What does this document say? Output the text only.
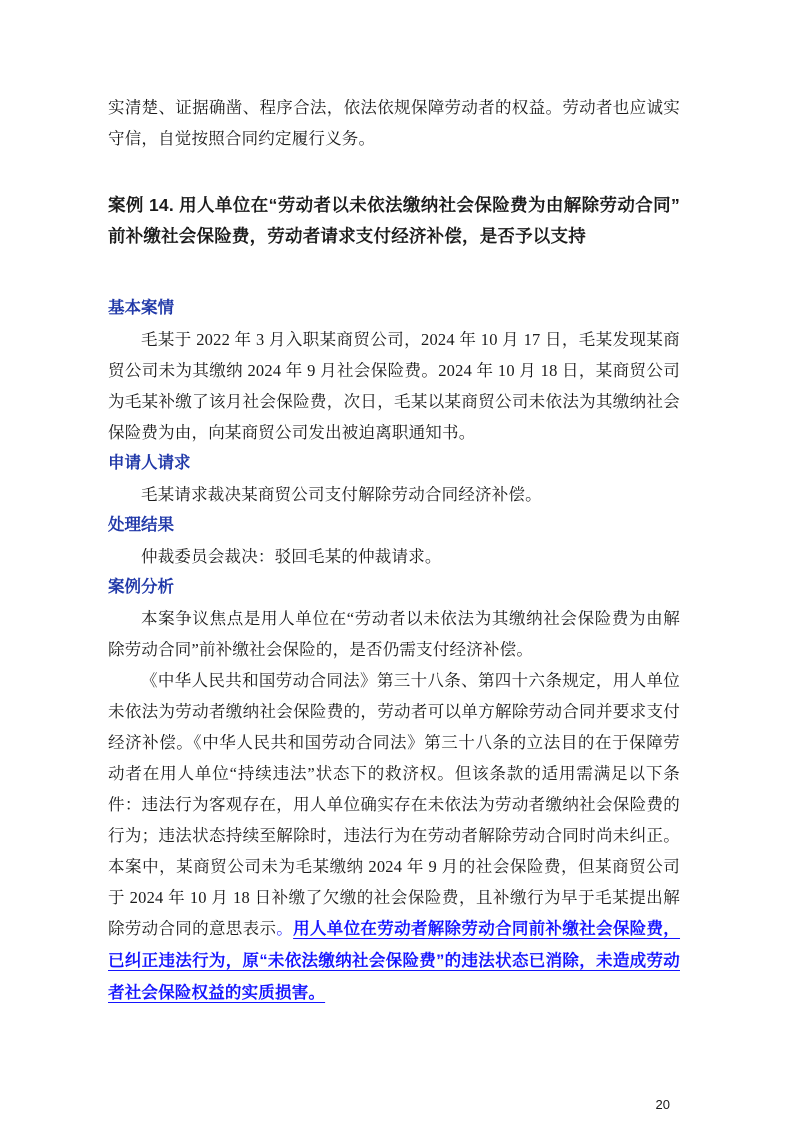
实清楚、证据确凿、程序合法，依法依规保障劳动者的权益。劳动者也应诚实守信，自觉按照合同约定履行义务。

案例 14. 用人单位在“劳动者以未依法缴纳社会保险费为由解除劳动合同”前补缴社会保险费，劳动者请求支付经济补偿，是否予以支持
基本案情

毛某于 2022 年 3 月入职某商贸公司，2024 年 10 月 17 日，毛某发现某商贸公司未为其缴纳 2024 年 9 月社会保险费。2024 年 10 月 18 日，某商贸公司为毛某补缴了该月社会保险费，次日，毛某以某商贸公司未依法为其缴纳社会保险费为由，向某商贸公司发出被迫离职通知书。

申请人请求

毛某请求裁决某商贸公司支付解除劳动合同经济补偿。

处理结果

仲裁委员会裁决：驳回毛某的仲裁请求。

案例分析

本案争议焦点是用人单位在“劳动者以未依法为其缴纳社会保险费为由解除劳动合同”前补缴社会保险的，是否仍需支付经济补偿。

《中华人民共和国劳动合同法》第三十八条、第四十六条规定，用人单位未依法为劳动者缴纳社会保险费的，劳动者可以单方解除劳动合同并要求支付经济补偿。《中华人民共和国劳动合同法》第三十八条的立法目的在于保障劳动者在用人单位“持续违法”状态下的救济权。但该条款的适用需满足以下条件：违法行为客观存在，用人单位确实存在未依法为劳动者缴纳社会保险费的行为；违法状态持续至解除时，违法行为在劳动者解除劳动合同时尚未纠正。本案中，某商贸公司未为毛某缴纳 2024 年 9 月的社会保险费，但某商贸公司于 2024 年 10 月 18 日补缴了欠缴的社会保险费，且补缴行为早于毛某提出解除劳动合同的意思表示。用人单位在劳动者解除劳动合同前补缴社会保险费，已纠正违法行为，原“未依法缴纳社会保险费”的违法状态已消除，未造成劳动者社会保险权益的实质损害。

20
